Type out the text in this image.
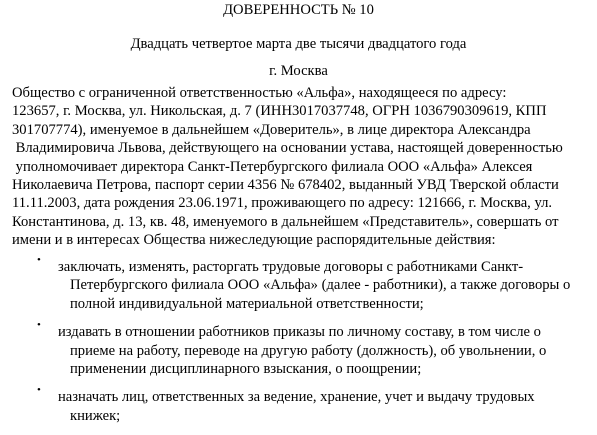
ДОВЕРЕННОСТЬ № 10
Двадцать четвертое марта две тысячи двадцатого года
г. Москва
Общество с ограниченной ответственностью «Альфа», находящееся по адресу:
123657, г. Москва, ул. Никольская, д. 7 (ИНН3017037748, ОГРН 1036790309619, КПП
301707774), именуемое в дальнейшем «Доверитель», в лице директора Александра
Владимировича Львова, действующего на основании устава, настоящей доверенностью
уполномочивает директора Санкт-Петербургского филиала ООО «Альфа» Алексея
Николаевича Петрова, паспорт серии 4356 № 678402, выданный УВД Тверской области
11.11.2003, дата рождения 23.06.1971, проживающего по адресу: 121666, г. Москва, ул.
Константинова, д. 13, кв. 48, именуемого в дальнейшем «Представитель», совершать от
имени и в интересах Общества нижеследующие распорядительные действия:
• заключать, изменять, расторгать трудовые договоры с работниками Санкт-
Петербургского филиала ООО «Альфа» (далее - работники), а также договоры о
полной индивидуальной материальной ответственности;
• издавать в отношении работников приказы по личному составу, в том числе о
приеме на работу, переводе на другую работу (должность), об увольнении, о
применении дисциплинарного взыскания, о поощрении;
• назначать лиц, ответственных за ведение, хранение, учет и выдачу трудовых
книжек;
